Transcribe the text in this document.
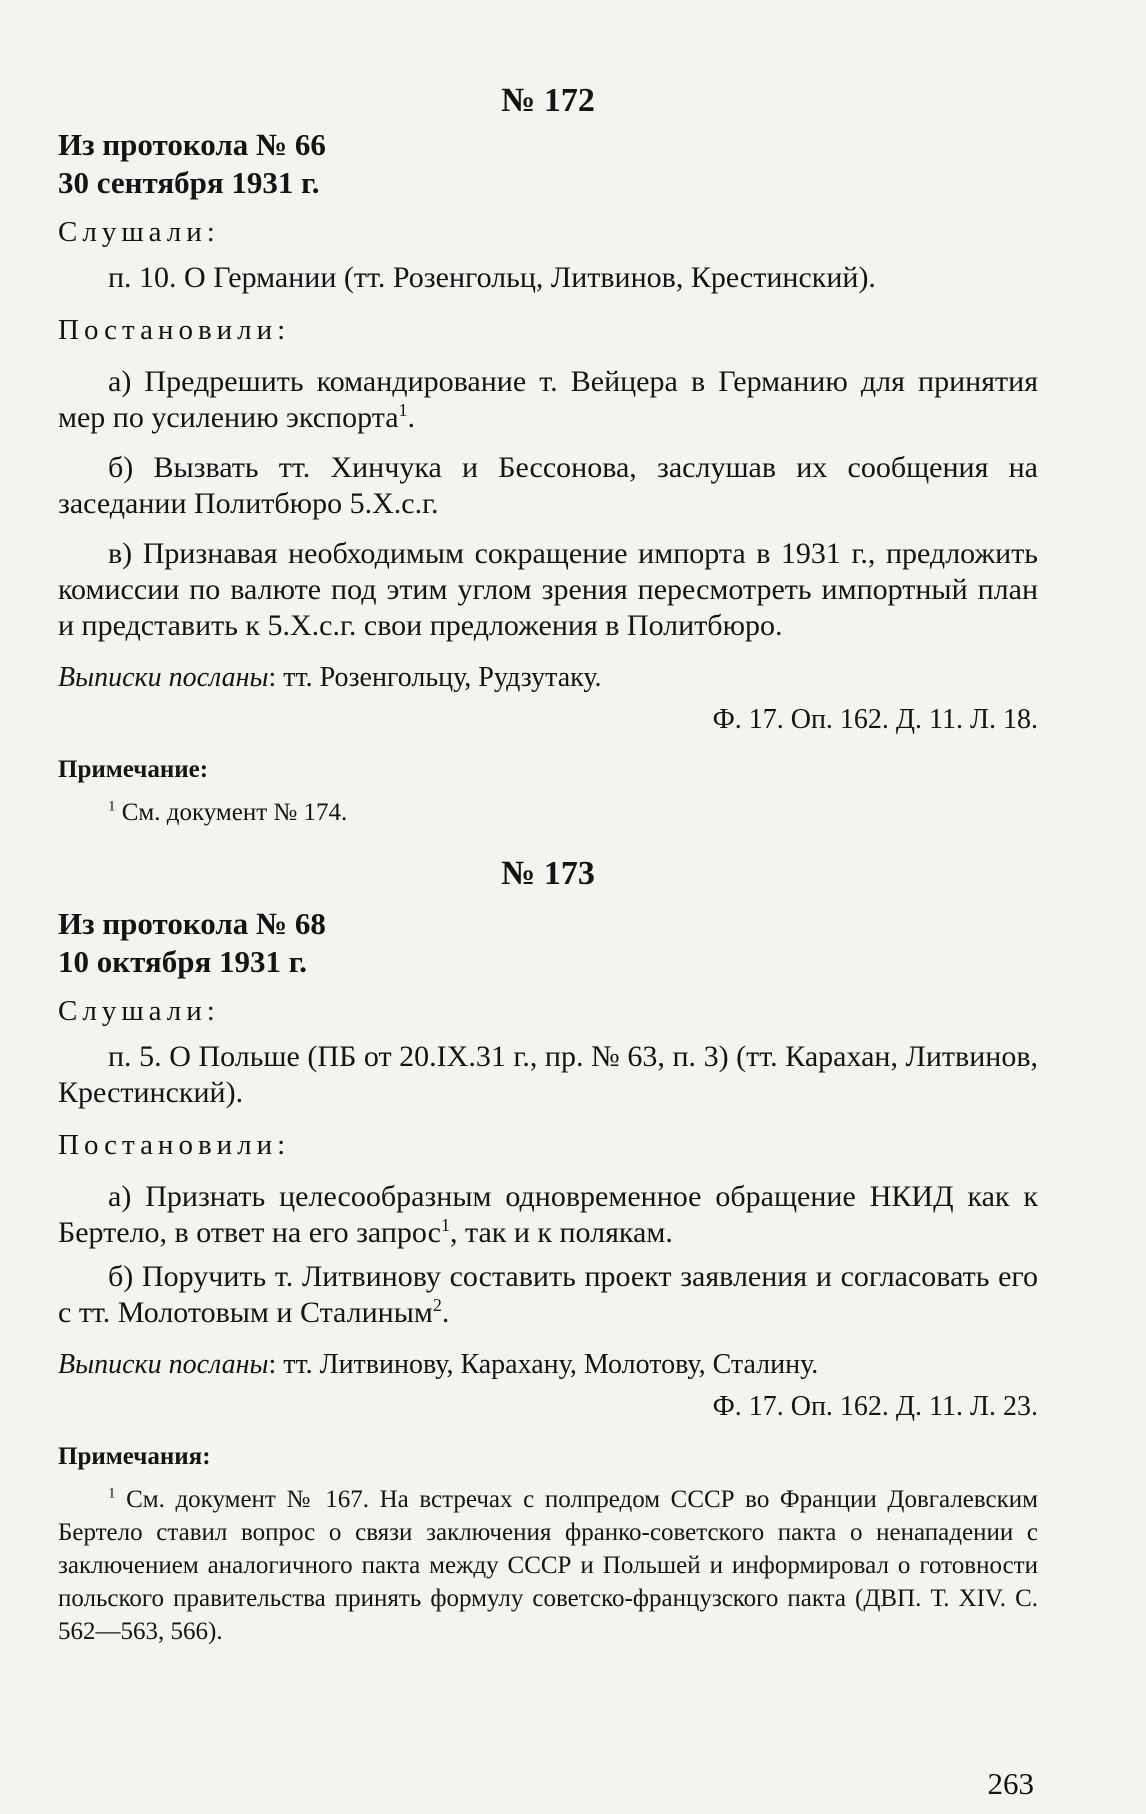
№ 172

Из протокола № 66

30 сентября 1931 г.

Слушали:

п. 10. О Германии (тт. Розенгольц, Литвинов, Крестинский).

Постановили:

а) Предрешить командирование т. Вейцера в Германию для принятия мер по усилению экспорта$^1$.

б) Вызвать тт. Хинчука и Бессонова, заслушав их сообщения на заседании Политбюро 5.X.с.г.

в) Признавая необходимым сокращение импорта в 1931 г., предложить комиссии по валюте под этим углом зрения пересмотреть импортный план и представить к 5.X.с.г. свои предложения в Политбюро.

Выписки посланы: тт. Розенгольцу, Рудзутаку.

Ф. 17. Оп. 162. Д. 11. Л. 18.

Примечание:

$^1$ См. документ № 174.

№ 173

Из протокола № 68

10 октября 1931 г.

Слушали:

п. 5. О Польше (ПБ от 20.IX.31 г., пр. № 63, п. 3) (тт. Карахан, Литвинов, Крестинский).

Постановили:

а) Признать целесообразным одновременное обращение НКИД как к Бертело, в ответ на его запрос$^1$, так и к полякам.

б) Поручить т. Литвинову составить проект заявления и согласовать его с тт. Молотовым и Сталиным$^2$.

Выписки посланы: тт. Литвинову, Карахану, Молотову, Сталину.

Ф. 17. Оп. 162. Д. 11. Л. 23.

Примечания:

$^1$ См. документ № 167. На встречах с полпредом СССР во Франции Довгалевским Бертело ставил вопрос о связи заключения франко-советского пакта о ненападении с заключением аналогичного пакта между СССР и Польшей и информировал о готовности польского правительства принять формулу советско-французского пакта (ДВП. Т. XIV. С. 562—563, 566).

263
